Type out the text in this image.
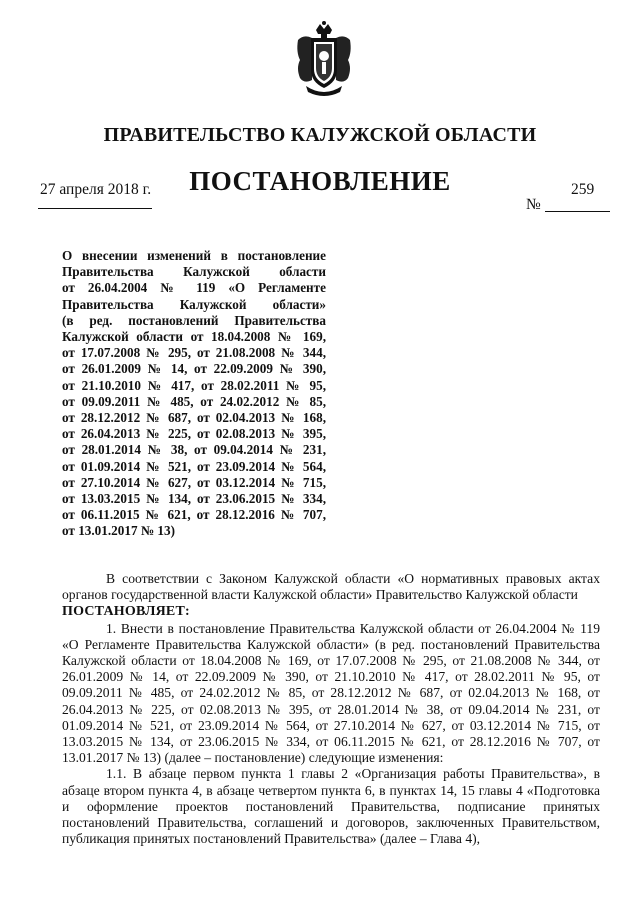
ПРАВИТЕЛЬСТВО КАЛУЖСКОЙ ОБЛАСТИ
ПОСТАНОВЛЕНИЕ
27 апреля 2018 г.	259
№

О внесении изменений в постановление

Правительства Калужской области

от 26.04.2004 № 119 «О Регламенте

Правительства Калужской области»

(в ред. постановлений Правительства

Калужской области от 18.04.2008 № 169,

от 17.07.2008 № 295, от 21.08.2008 № 344,

от 26.01.2009 № 14, от 22.09.2009 № 390,

от 21.10.2010 № 417, от 28.02.2011 № 95,

от 09.09.2011 № 485, от 24.02.2012 № 85,

от 28.12.2012 № 687, от 02.04.2013 № 168,

от 26.04.2013 № 225, от 02.08.2013 № 395,

от 28.01.2014 № 38, от 09.04.2014 № 231,

от 01.09.2014 № 521, от 23.09.2014 № 564,

от 27.10.2014 № 627, от 03.12.2014 № 715,

от 13.03.2015 № 134, от 23.06.2015 № 334,

от 06.11.2015 № 621, от 28.12.2016 № 707,

от 13.01.2017 № 13)

В соответствии с Законом Калужской области «О нормативных правовых актах органов государственной власти Калужской области» Правительство Калужской области

ПОСТАНОВЛЯЕТ:

1. Внести в постановление Правительства Калужской области от 26.04.2004 № 119 «О Регламенте Правительства Калужской области» (в ред. постановлений Правительства Калужской области от 18.04.2008 № 169, от 17.07.2008 № 295, от 21.08.2008 № 344, от 26.01.2009 № 14, от 22.09.2009 № 390, от 21.10.2010 № 417, от 28.02.2011 № 95, от 09.09.2011 № 485, от 24.02.2012 № 85, от 28.12.2012 № 687, от 02.04.2013 № 168, от 26.04.2013 № 225, от 02.08.2013 № 395, от 28.01.2014 № 38, от 09.04.2014 № 231, от 01.09.2014 № 521, от 23.09.2014 № 564, от 27.10.2014 № 627, от 03.12.2014 № 715, от 13.03.2015 № 134, от 23.06.2015 № 334, от 06.11.2015 № 621, от 28.12.2016 № 707, от 13.01.2017 № 13) (далее – постановление) следующие изменения:

1.1. В абзаце первом пункта 1 главы 2 «Организация работы Правительства», в абзаце втором пункта 4, в абзаце четвертом пункта 6, в пунктах 14, 15 главы 4 «Подготовка и оформление проектов постановлений Правительства, подписание принятых постановлений Правительства, соглашений и договоров, заключенных Правительством, публикация принятых постановлений Правительства» (далее – Глава 4),
